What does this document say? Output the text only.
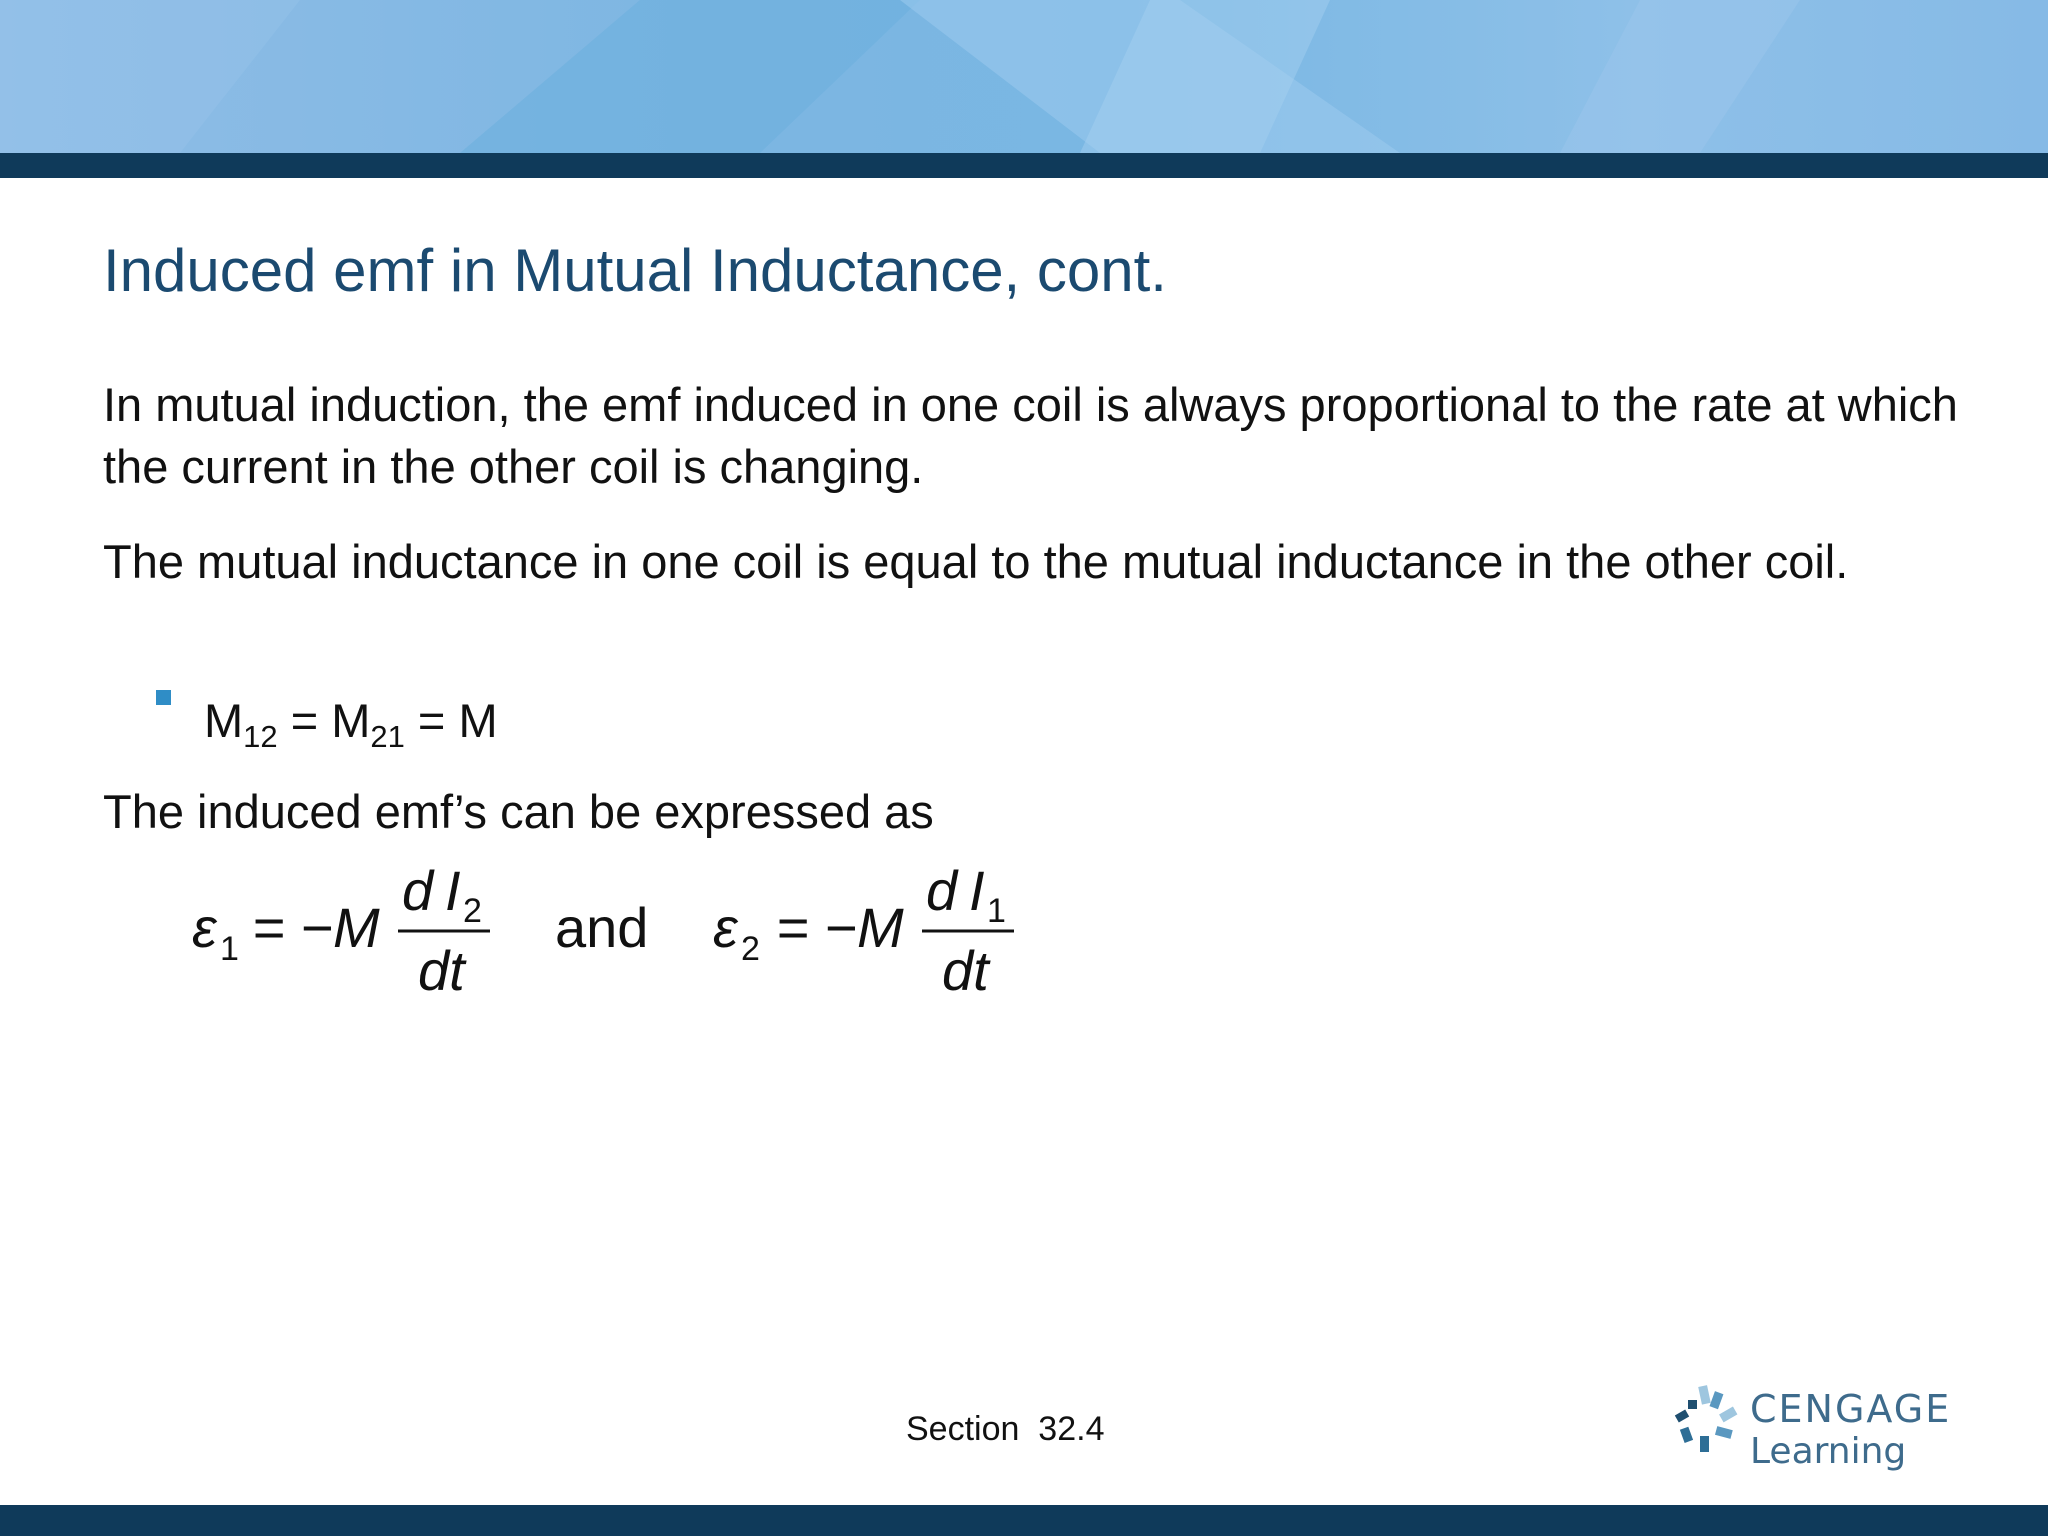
Induced emf in Mutual Inductance, cont.

In mutual induction, the emf induced in one coil is always proportional to the rate at which the current in the other coil is changing.

The mutual inductance in one coil is equal to the mutual inductance in the other coil.

$M_{12} = M_{21} = M$

The induced emf’s can be expressed as

ε 1 = −M
d I 2
dt
and ε 2 = −M
d I 1
dt

Section  32.4	CENGAGE
Learning
